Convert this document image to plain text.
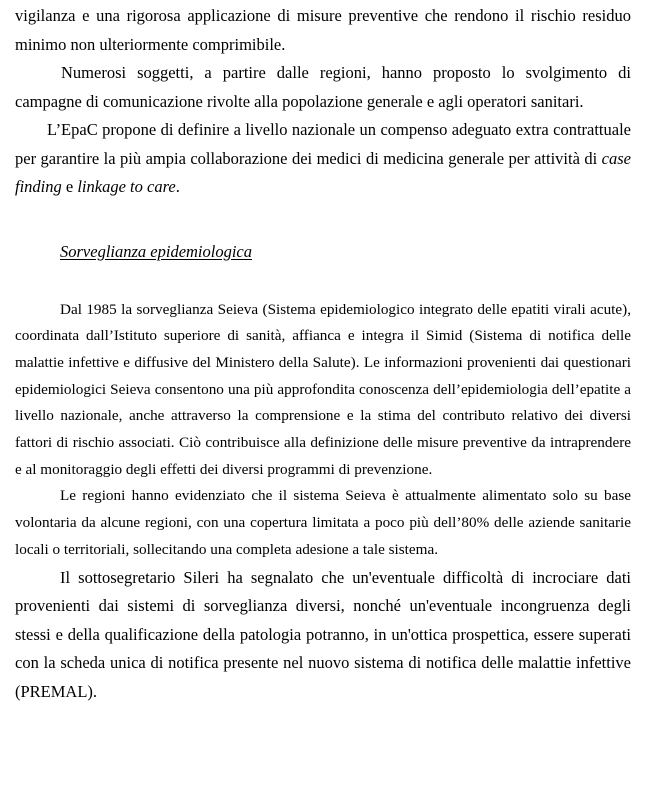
vigilanza e una rigorosa applicazione di misure preventive che rendono il rischio residuo minimo non ulteriormente comprimibile.

Numerosi soggetti, a partire dalle regioni, hanno proposto lo svolgimento di campagne di comunicazione rivolte alla popolazione generale e agli operatori sanitari.

L’EpaC propone di definire a livello nazionale un compenso adeguato extra contrattuale per garantire la più ampia collaborazione dei medici di medicina generale per attività di case finding e linkage to care.

Sorveglianza epidemiologica

Dal 1985 la sorveglianza Seieva (Sistema epidemiologico integrato delle epatiti virali acute), coordinata dall’Istituto superiore di sanità, affianca e integra il Simid (Sistema di notifica delle malattie infettive e diffusive del Ministero della Salute). Le informazioni provenienti dai questionari epidemiologici Seieva consentono una più approfondita conoscenza dell’epidemiologia dell’epatite a livello nazionale, anche attraverso la comprensione e la stima del contributo relativo dei diversi fattori di rischio associati. Ciò contribuisce alla definizione delle misure preventive da intraprendere e al monitoraggio degli effetti dei diversi programmi di prevenzione.

Le regioni hanno evidenziato che il sistema Seieva è attualmente alimentato solo su base volontaria da alcune regioni, con una copertura limitata a poco più dell’80% delle aziende sanitarie locali o territoriali, sollecitando una completa adesione a tale sistema.

Il sottosegretario Sileri ha segnalato che un'eventuale difficoltà di incrociare dati provenienti dai sistemi di sorveglianza diversi, nonché un'eventuale incongruenza degli stessi e della qualificazione della patologia potranno, in un'ottica prospettica, essere superati con la scheda unica di notifica presente nel nuovo sistema di notifica delle malattie infettive (PREMAL).
